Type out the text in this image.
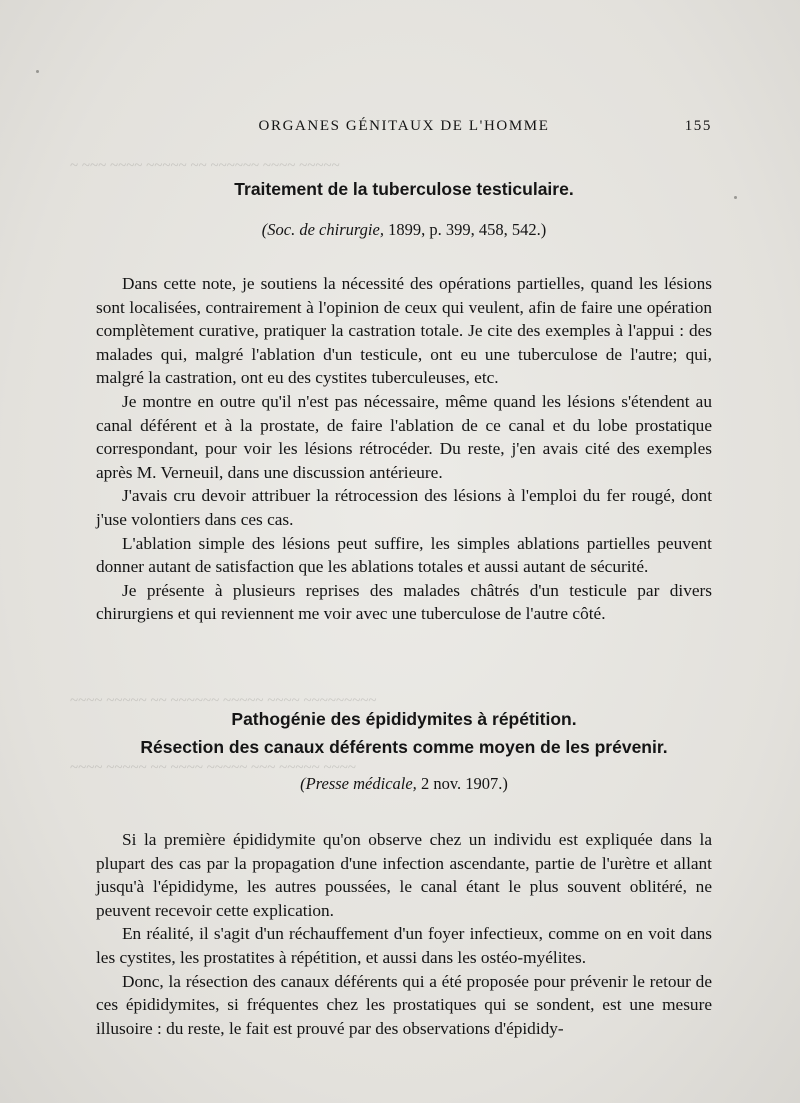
~ ~~~ ~~~~ ~~~~~ ~~ ~~~~~~ ~~~~ ~~~~~
~~~~ ~~~~~ ~~ ~~~~~~ ~~~~~ ~~~~ ~~~~~~~~~
~~~~ ~~~~~ ~~ ~~~~ ~~~~~ ~~~ ~~~~~ ~~~~
ORGANES GÉNITAUX DE L'HOMME	155
Traitement de la tuberculose testiculaire.

(Soc. de chirurgie, 1899, p. 399, 458, 542.)

Dans cette note, je soutiens la nécessité des opérations partielles, quand les lésions sont localisées, contrairement à l'opinion de ceux qui veulent, afin de faire une opération complètement curative, pratiquer la castration totale. Je cite des exemples à l'appui : des malades qui, malgré l'ablation d'un testicule, ont eu une tuberculose de l'autre; qui, malgré la castration, ont eu des cystites tuberculeuses, etc.

Je montre en outre qu'il n'est pas nécessaire, même quand les lésions s'étendent au canal déférent et à la prostate, de faire l'ablation de ce canal et du lobe prostatique correspondant, pour voir les lésions rétrocéder. Du reste, j'en avais cité des exemples après M. Verneuil, dans une discussion antérieure.

J'avais cru devoir attribuer la rétrocession des lésions à l'emploi du fer rougé, dont j'use volontiers dans ces cas.

L'ablation simple des lésions peut suffire, les simples ablations partielles peuvent donner autant de satisfaction que les ablations totales et aussi autant de sécurité.

Je présente à plusieurs reprises des malades châtrés d'un testicule par divers chirurgiens et qui reviennent me voir avec une tuberculose de l'autre côté.

Pathogénie des épididymites à répétition.
Résection des canaux déférents comme moyen de les prévenir.

(Presse médicale, 2 nov. 1907.)

Si la première épididymite qu'on observe chez un individu est expliquée dans la plupart des cas par la propagation d'une infection ascendante, partie de l'urètre et allant jusqu'à l'épididyme, les autres poussées, le canal étant le plus souvent oblitéré, ne peuvent recevoir cette explication.

En réalité, il s'agit d'un réchauffement d'un foyer infectieux, comme on en voit dans les cystites, les prostatites à répétition, et aussi dans les ostéo-myélites.

Donc, la résection des canaux déférents qui a été proposée pour prévenir le retour de ces épididymites, si fréquentes chez les prostatiques qui se sondent, est une mesure illusoire : du reste, le fait est prouvé par des observations d'épididy-
